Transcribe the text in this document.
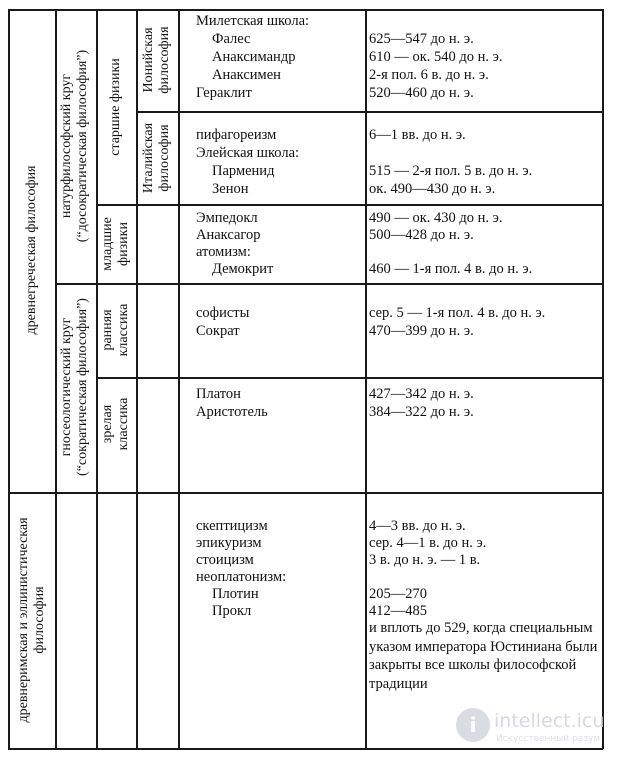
древнегреческая философия
древнеримская и эллинистическая философия
натурфилософский круг (“досократическая философия”)
гносеологический круг (“сократическая философия”)
старшие физики
младшие физики
ранняя классика
зрелая классика
Ионийская философия
Италийская философия
Милетская школа:
Фалес
Анаксимандр
Анаксимен
Гераклит
625—547 до н. э.
610 — ок. 540 до н. э.
2-я пол. 6 в. до н. э.
520—460 до н. э.
пифагореизм
Элейская школа:
Парменид
Зенон
6—1 вв. до н. э.
515 — 2-я пол. 5 в. до н. э.
ок. 490—430 до н. э.
Эмпедокл
Анаксагор
атомизм:
Демокрит
490 — ок. 430 до н. э.
500—428 до н. э.
460 — 1-я пол. 4 в. до н. э.
софисты
Сократ
сер. 5 — 1-я пол. 4 в. до н. э.
470—399 до н. э.
Платон
Аристотель
427—342 до н. э.
384—322 до н. э.
скептицизм
эпикуризм
стоицизм
неоплатонизм:
Плотин
Прокл
4—3 вв. до н. э.
сер. 4—1 в. до н. э.
3 в. до н. э. — 1 в.
205—270
412—485
и вплоть до 529, когда специальным указом императора Юстиниана были закрыты все школы философской традиции
i intellect.icu
Искусственный разум
